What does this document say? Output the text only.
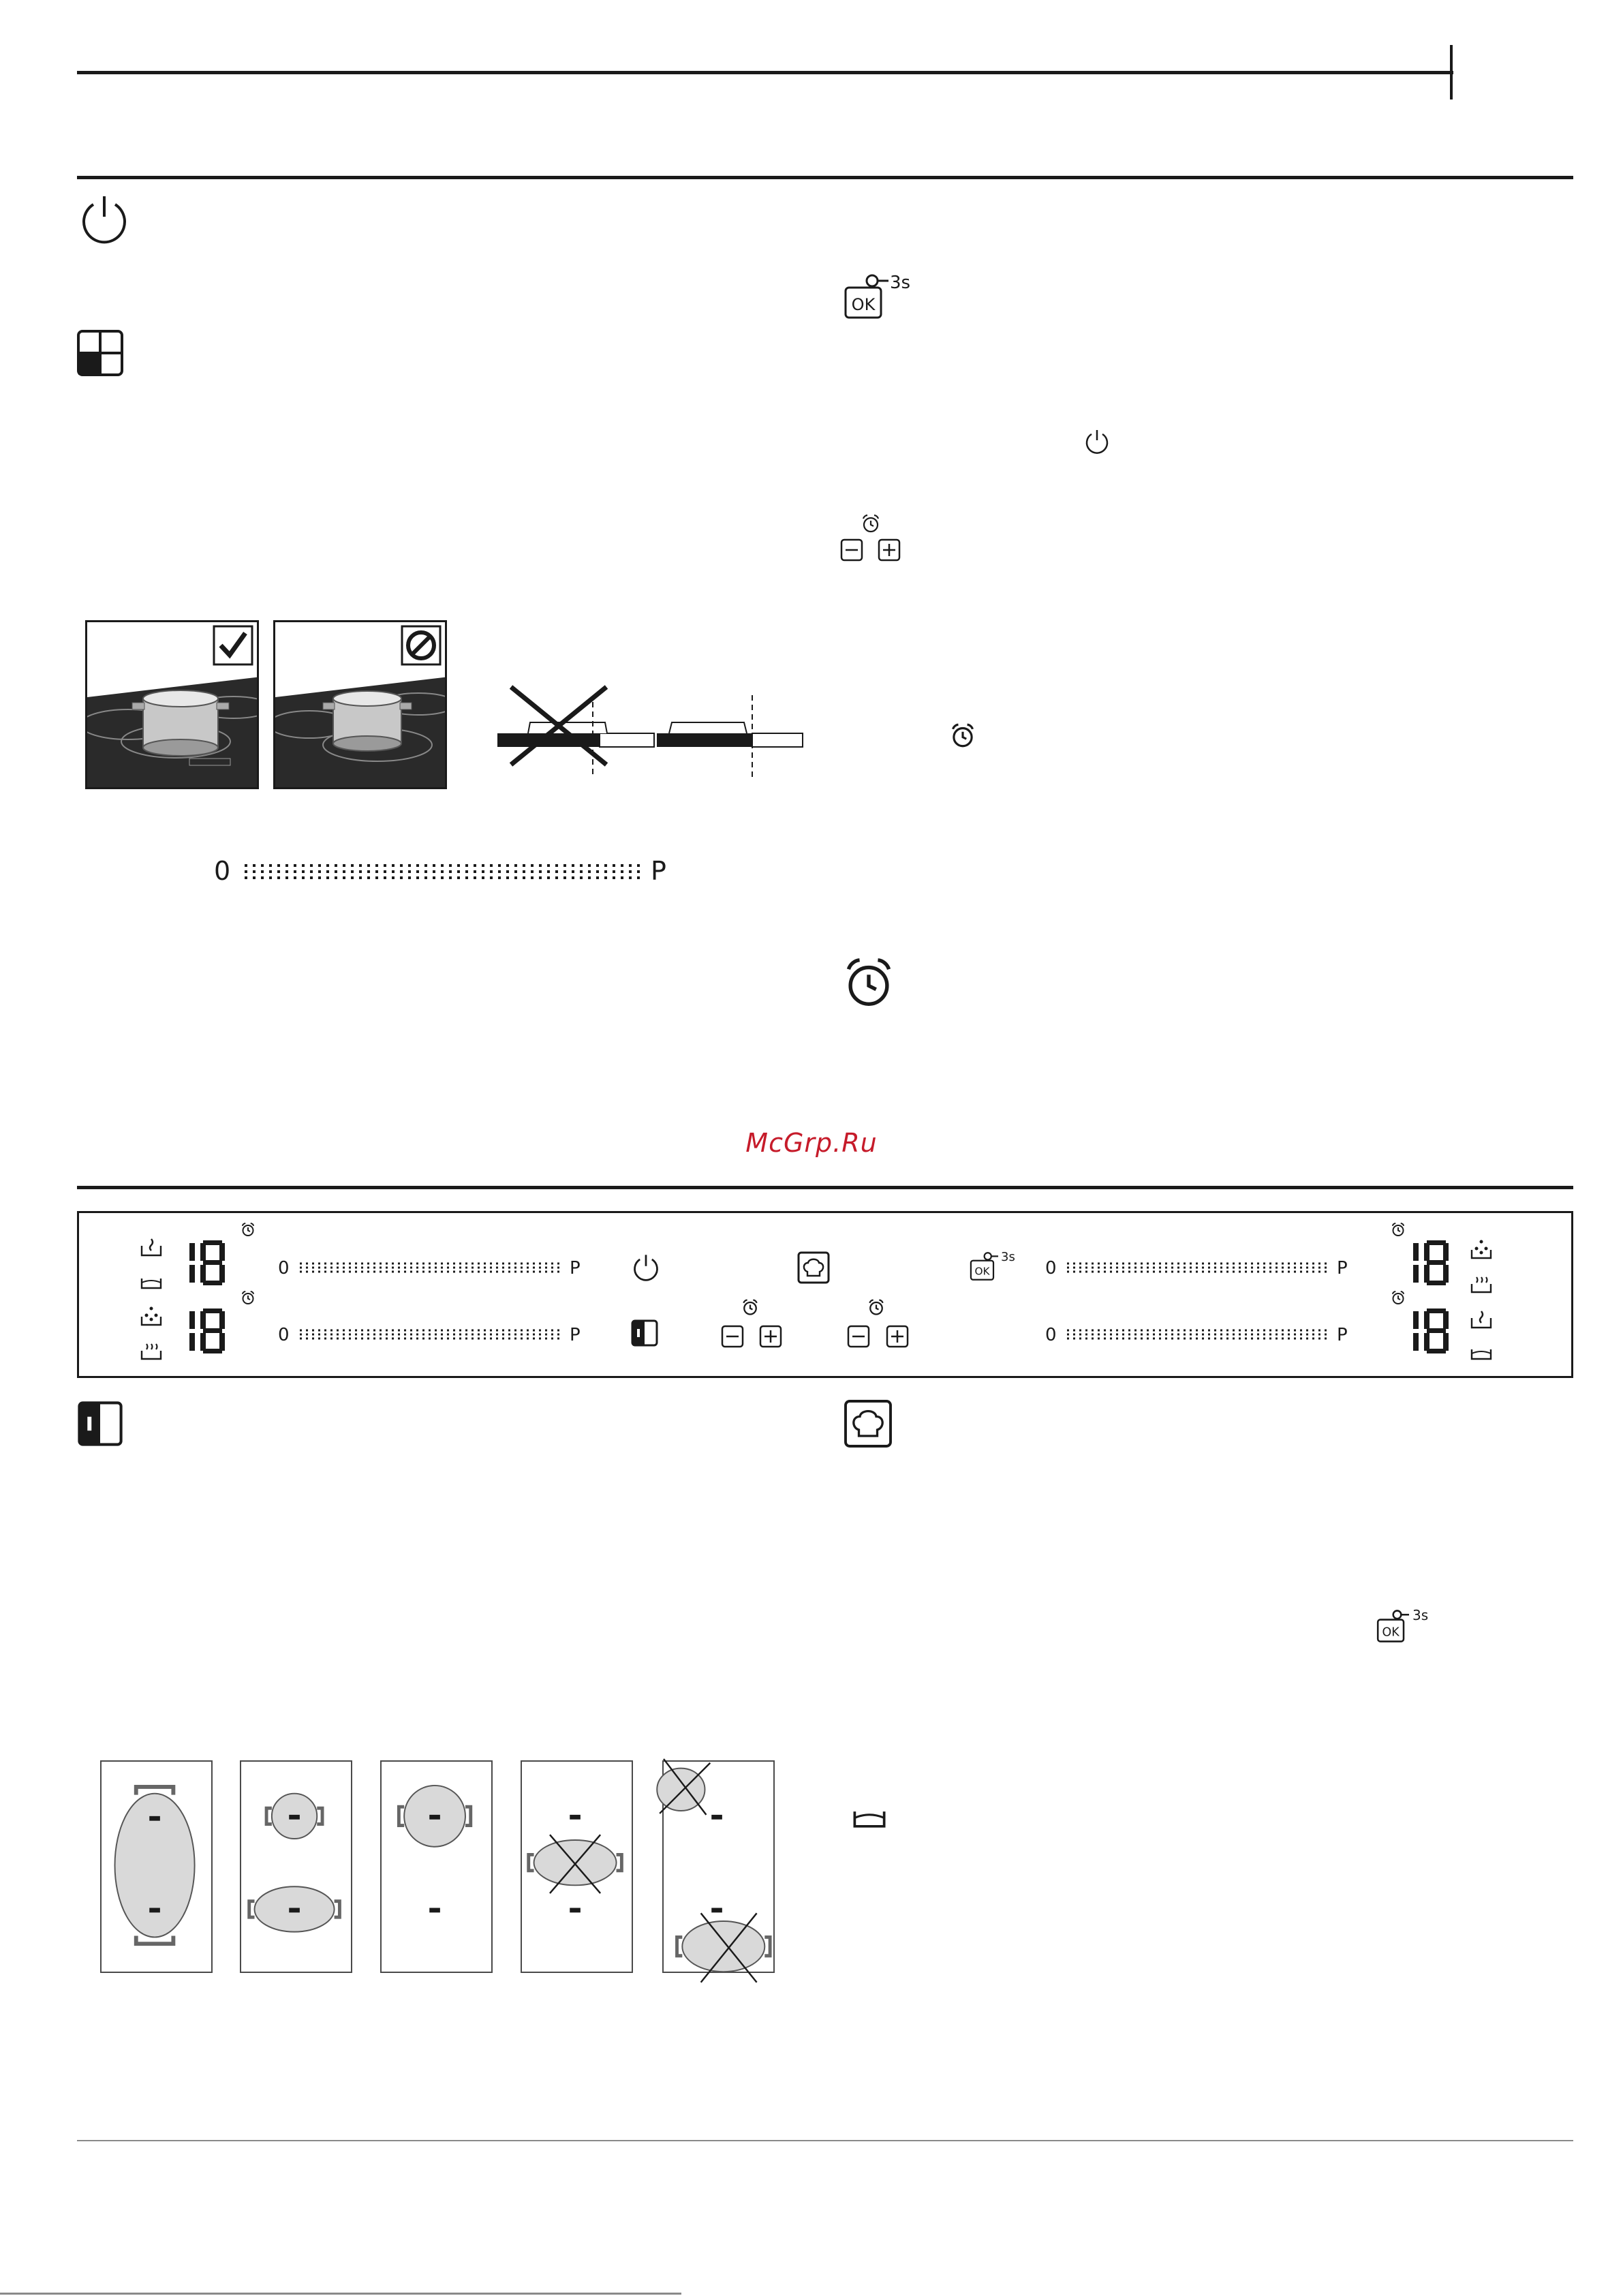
0	P
OK
3s
McGrp.Ru
0	P
0	P
OK
3s
0	P
0	P
OK
3s
